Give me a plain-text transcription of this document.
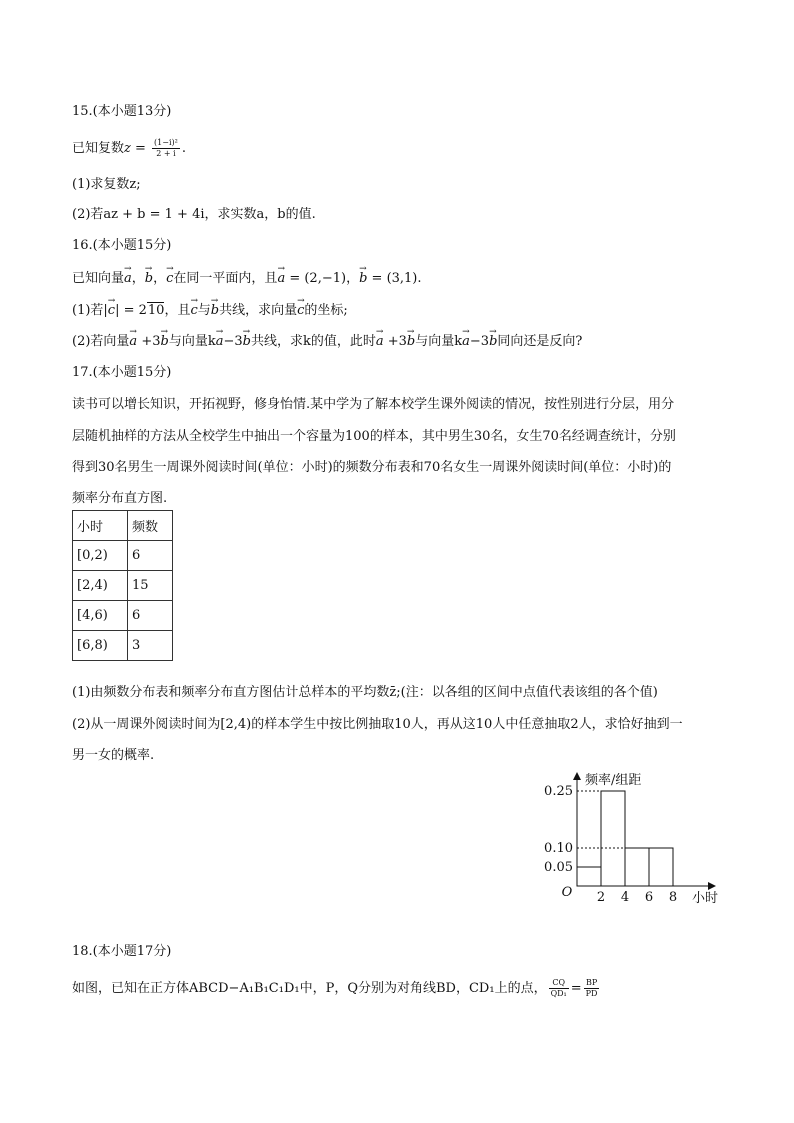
15.(本小题13分)
已知复数$z = \frac{\text{(1−i)²}}{2 + i}$ .
(1)求复数z;
(2)若az + b = 1 + 4i，求实数a，b的值.
16.(本小题15分)
已知向量→ a，→ b，→ c在同一平面内，且→ a = (2,−1)，→ b = (3,1).
(1)若|→ c| = 210，且→ c与→ b共线，求向量→ c的坐标;
(2)若向量→ a +3→ b与向量k→ a−3→ b共线，求k的值，此时→ a +3→ b与向量k→ a−3→ b同向还是反向?
17.(本小题15分)
读书可以增长知识，开拓视野，修身怡情.某中学为了解本校学生课外阅读的情况，按性别进行分层，用分
层随机抽样的方法从全校学生中抽出一个容量为100的样本，其中男生30名，女生70名经调查统计，分别
得到30名男生一周课外阅读时间(单位：小时)的频数分布表和70名女生一周课外阅读时间(单位：小时)的
频率分布直方图.
小时	频数
[0,2)	6
[2,4)	15
[4,6)	6
[6,8)	3
(1)由频数分布表和频率分布直方图估计总样本的平均数z̄;(注：以各组的区间中点值代表该组的各个值)
(2)从一周课外阅读时间为[2,4)的样本学生中按比例抽取10人，再从这10人中任意抽取2人，求恰好抽到一
男一女的概率.
0.05
0.10
0.25
2 4 6 8
O
频率/组距
小时
18.(本小题17分)
如图，已知在正方体ABCD−A₁B₁C₁D₁中，P，Q分别为对角线BD，CD₁上的点， $\frac{CQ}{\text{QD₁}} = \frac{BP}{PD}$
